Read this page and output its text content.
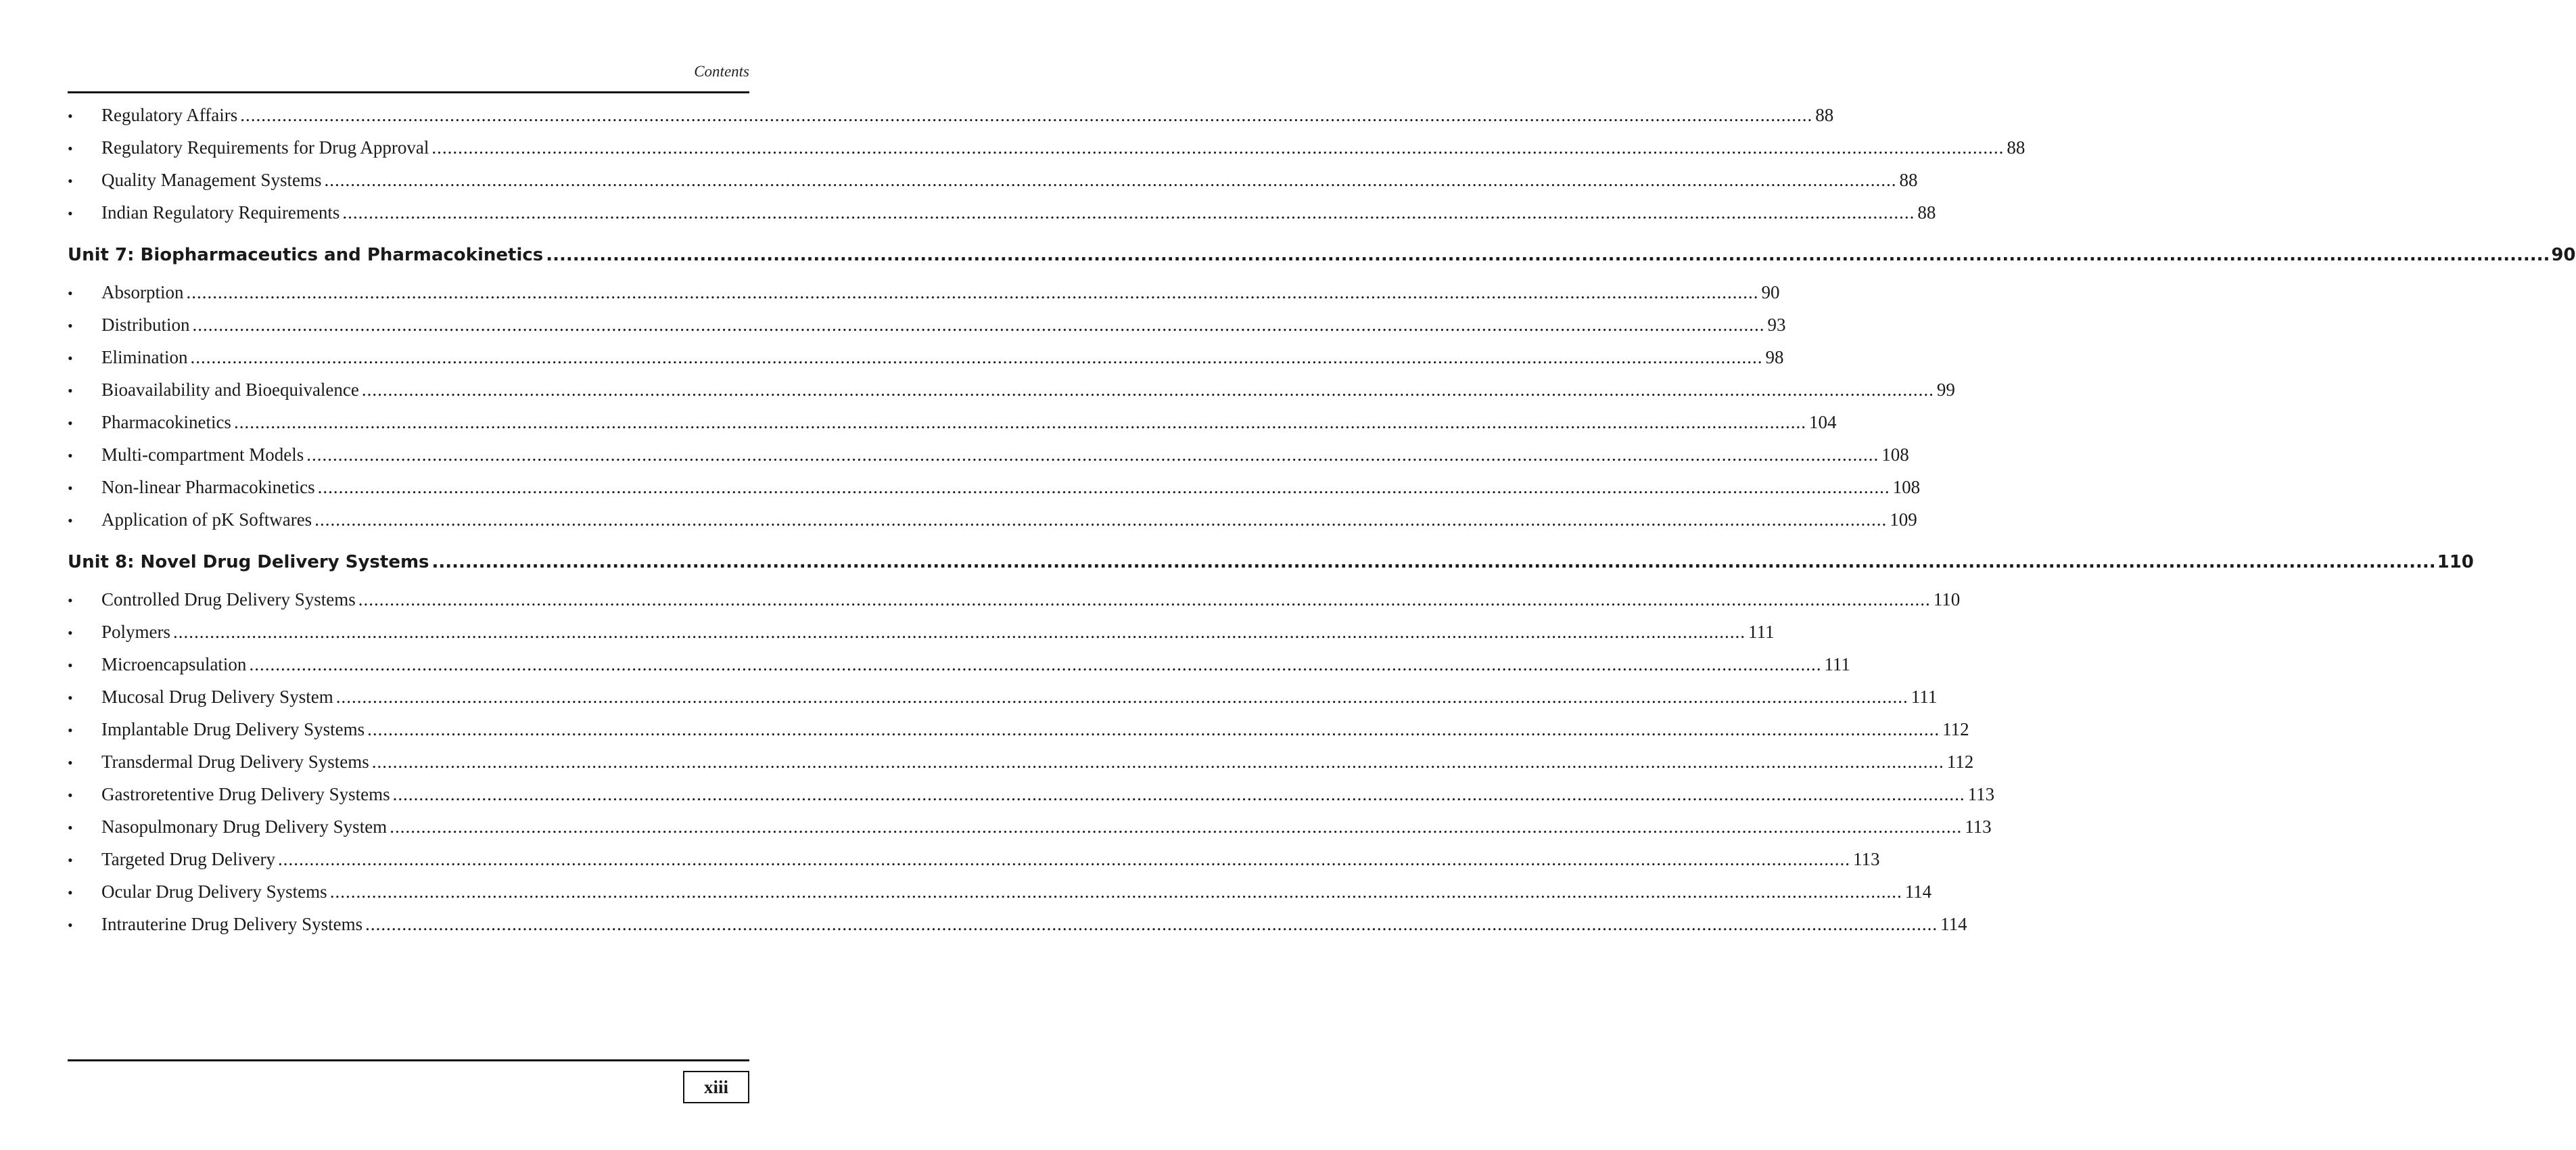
Contents
•	Regulatory Affairs ............................................................................................................................................................................................................................................................................................................ 88
•	Regulatory Requirements for Drug Approval ............................................................................................................................................................................................................................................................................................................ 88
•	Quality Management Systems ............................................................................................................................................................................................................................................................................................................ 88
•	Indian Regulatory Requirements ............................................................................................................................................................................................................................................................................................................ 88
Unit 7: Biopharmaceutics and Pharmacokinetics ............................................................................................................................................................................................................................................................................................................ 90
•	Absorption ............................................................................................................................................................................................................................................................................................................ 90
•	Distribution ............................................................................................................................................................................................................................................................................................................ 93
•	Elimination ............................................................................................................................................................................................................................................................................................................ 98
•	Bioavailability and Bioequivalence ............................................................................................................................................................................................................................................................................................................ 99
•	Pharmacokinetics ............................................................................................................................................................................................................................................................................................................ 104
•	Multi-compartment Models ............................................................................................................................................................................................................................................................................................................ 108
•	Non-linear Pharmacokinetics ............................................................................................................................................................................................................................................................................................................ 108
•	Application of pK Softwares ............................................................................................................................................................................................................................................................................................................ 109
Unit 8: Novel Drug Delivery Systems ............................................................................................................................................................................................................................................................................................................ 110
•	Controlled Drug Delivery Systems ............................................................................................................................................................................................................................................................................................................ 110
•	Polymers ............................................................................................................................................................................................................................................................................................................ 111
•	Microencapsulation ............................................................................................................................................................................................................................................................................................................ 111
•	Mucosal Drug Delivery System ............................................................................................................................................................................................................................................................................................................ 111
•	Implantable Drug Delivery Systems ............................................................................................................................................................................................................................................................................................................ 112
•	Transdermal Drug Delivery Systems ............................................................................................................................................................................................................................................................................................................ 112
•	Gastroretentive Drug Delivery Systems ............................................................................................................................................................................................................................................................................................................ 113
•	Nasopulmonary Drug Delivery System ............................................................................................................................................................................................................................................................................................................ 113
•	Targeted Drug Delivery ............................................................................................................................................................................................................................................................................................................ 113
•	Ocular Drug Delivery Systems ............................................................................................................................................................................................................................................................................................................ 114
•	Intrauterine Drug Delivery Systems ............................................................................................................................................................................................................................................................................................................ 114
xiii
